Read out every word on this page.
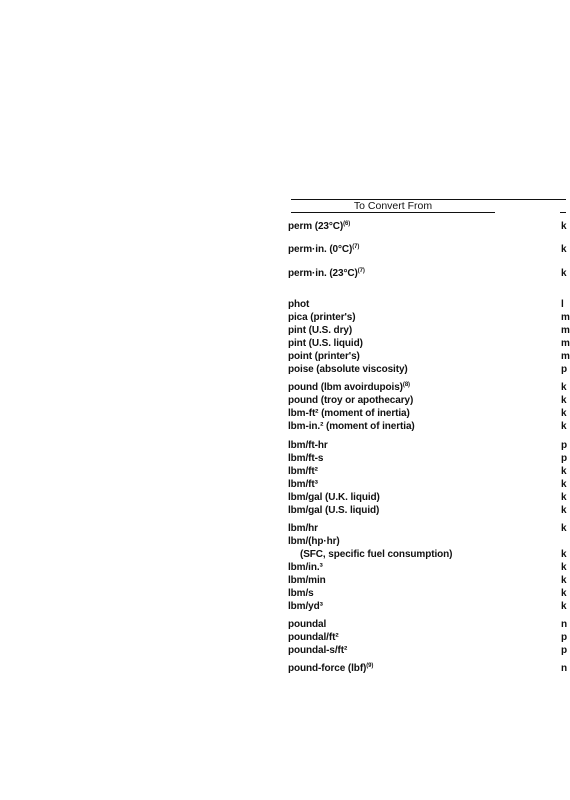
To Convert From
perm $(23^\circ C)^{(6)}$	k
perm·in. $(0^\circ C)^{(7)}$	k
perm·in. $(23^\circ C)^{(7)}$	k
phot	l
pica (printer's)	m
pint (U.S. dry)	m
pint (U.S. liquid)	m
point (printer's)	m
poise (absolute viscosity)	p
pound (lbm avoirdupois)$^{(8)}$	k
pound (troy or apothecary)	k
lbm-ft² (moment of inertia)	k
lbm-in.² (moment of inertia)	k
lbm/ft-hr	p
lbm/ft-s	p
lbm/ft²	k
lbm/ft³	k
lbm/gal (U.K. liquid)	k
lbm/gal (U.S. liquid)	k
lbm/hr	k
lbm/(hp·hr)
(SFC, specific fuel consumption)	k
lbm/in.³	k
lbm/min	k
lbm/s	k
lbm/yd³	k
poundal	n
poundal/ft²	p
poundal-s/ft²	p
pound-force (lbf)$^{(9)}$	n
